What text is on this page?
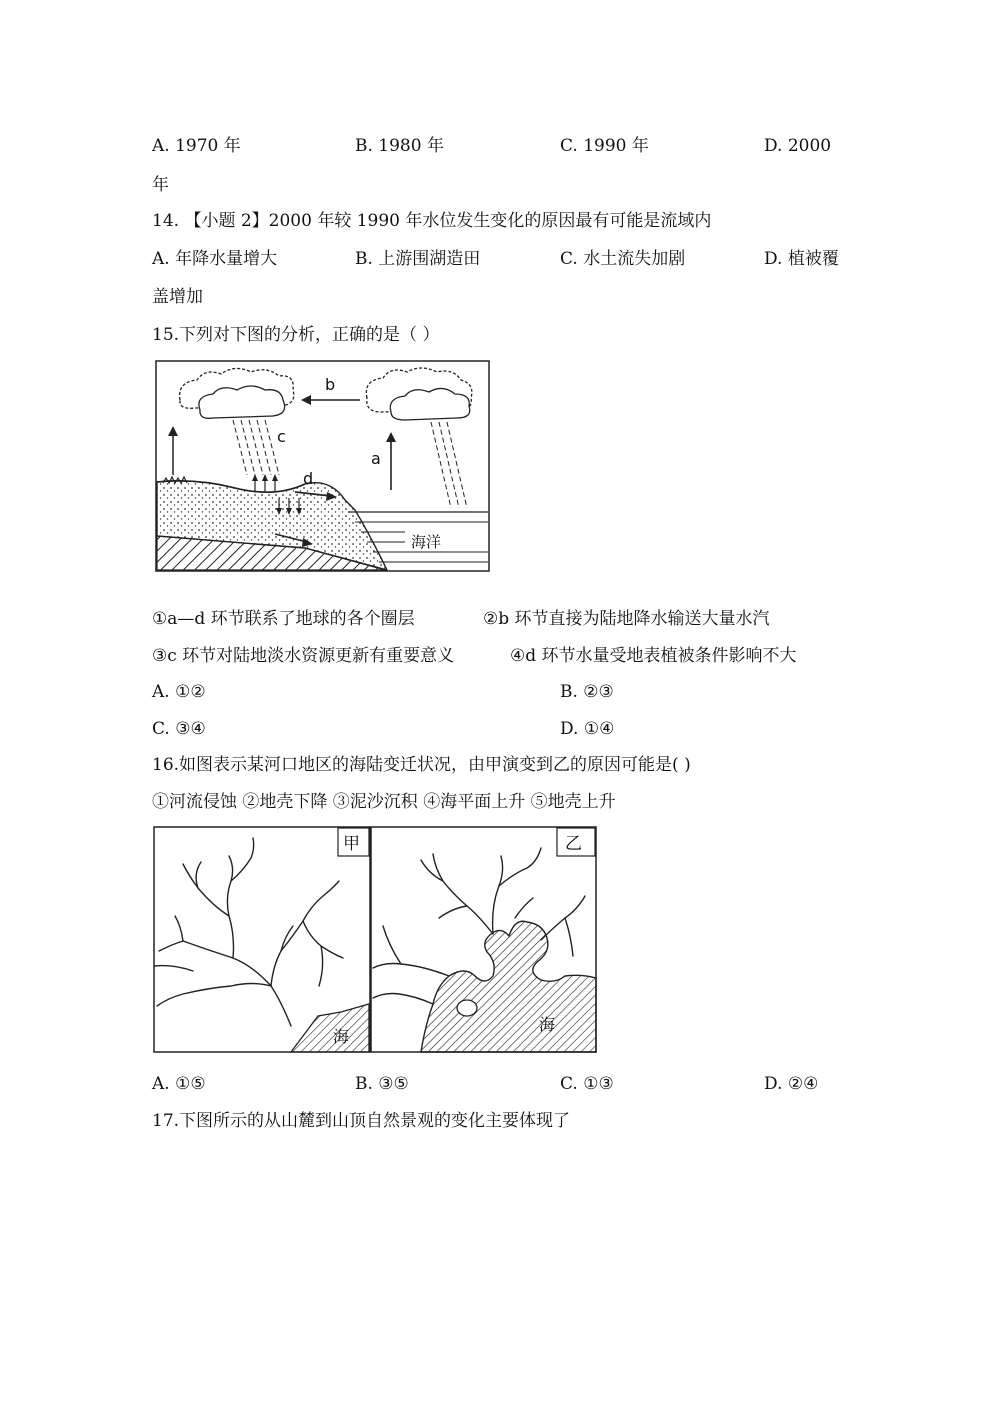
A. 1970 年	B. 1980 年	C. 1990 年	D. 2000
年
14. 【小题 2】2000 年较 1990 年水位发生变化的原因最有可能是流域内
A. 年降水量增大	B. 上游围湖造田	C. 水土流失加剧	D. 植被覆
盖增加
15.下列对下图的分析，正确的是（ ）
海洋
b
c
a
d
①a—d 环节联系了地球的各个圈层	②b 环节直接为陆地降水输送大量水汽
③c 环节对陆地淡水资源更新有重要意义	④d 环节水量受地表植被条件影响不大
A. ①②	B. ②③
C. ③④	D. ①④
16.如图表示某河口地区的海陆变迁状况，由甲演变到乙的原因可能是( )
①河流侵蚀 ②地壳下降 ③泥沙沉积 ④海平面上升 ⑤地壳上升
甲
海
乙
海
A. ①⑤	B. ③⑤	C. ①③	D. ②④
17.下图所示的从山麓到山顶自然景观的变化主要体现了
